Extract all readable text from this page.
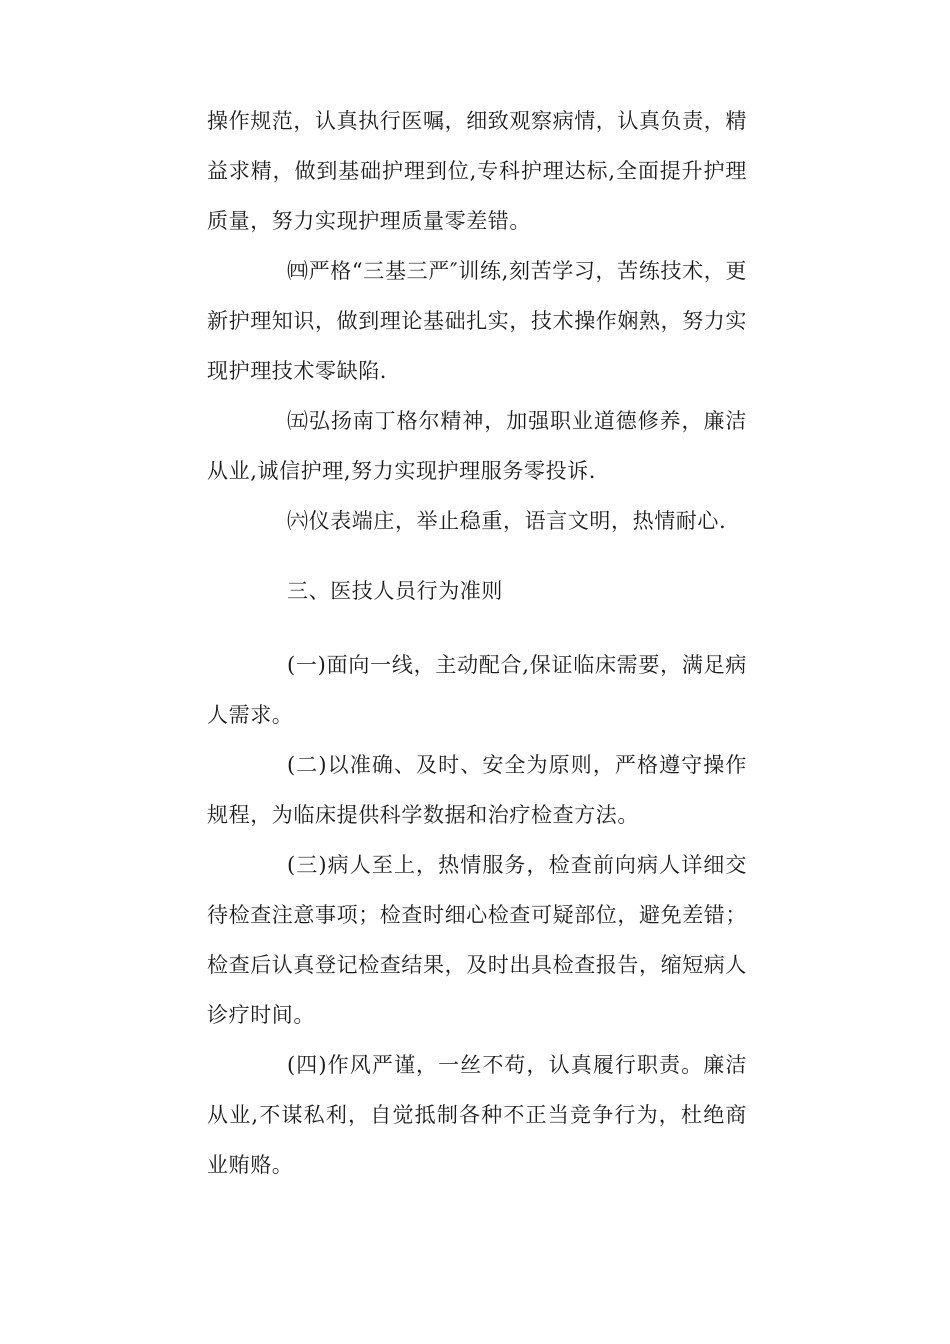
操作规范，认真执行医嘱，细致观察病情，认真负责，精益求精，做到基础护理到位,专科护理达标,全面提升护理质量，努力实现护理质量零差错。

㈣严格“三基三严″训练,刻苦学习，苦练技术，更新护理知识，做到理论基础扎实，技术操作娴熟，努力实现护理技术零缺陷.

㈤弘扬南丁格尔精神，加强职业道德修养，廉洁从业,诚信护理,努力实现护理服务零投诉.

㈥仪表端庄，举止稳重，语言文明，热情耐心.

三、医技人员行为准则

(一)面向一线，主动配合,保证临床需要，满足病人需求。

(二)以准确、及时、安全为原则，严格遵守操作规程，为临床提供科学数据和治疗检查方法。

(三)病人至上，热情服务，检查前向病人详细交待检查注意事项；检查时细心检查可疑部位，避免差错；检查后认真登记检查结果，及时出具检查报告，缩短病人诊疗时间。

(四)作风严谨，一丝不苟，认真履行职责。廉洁从业,不谋私利，自觉抵制各种不正当竞争行为，杜绝商业贿赂。
